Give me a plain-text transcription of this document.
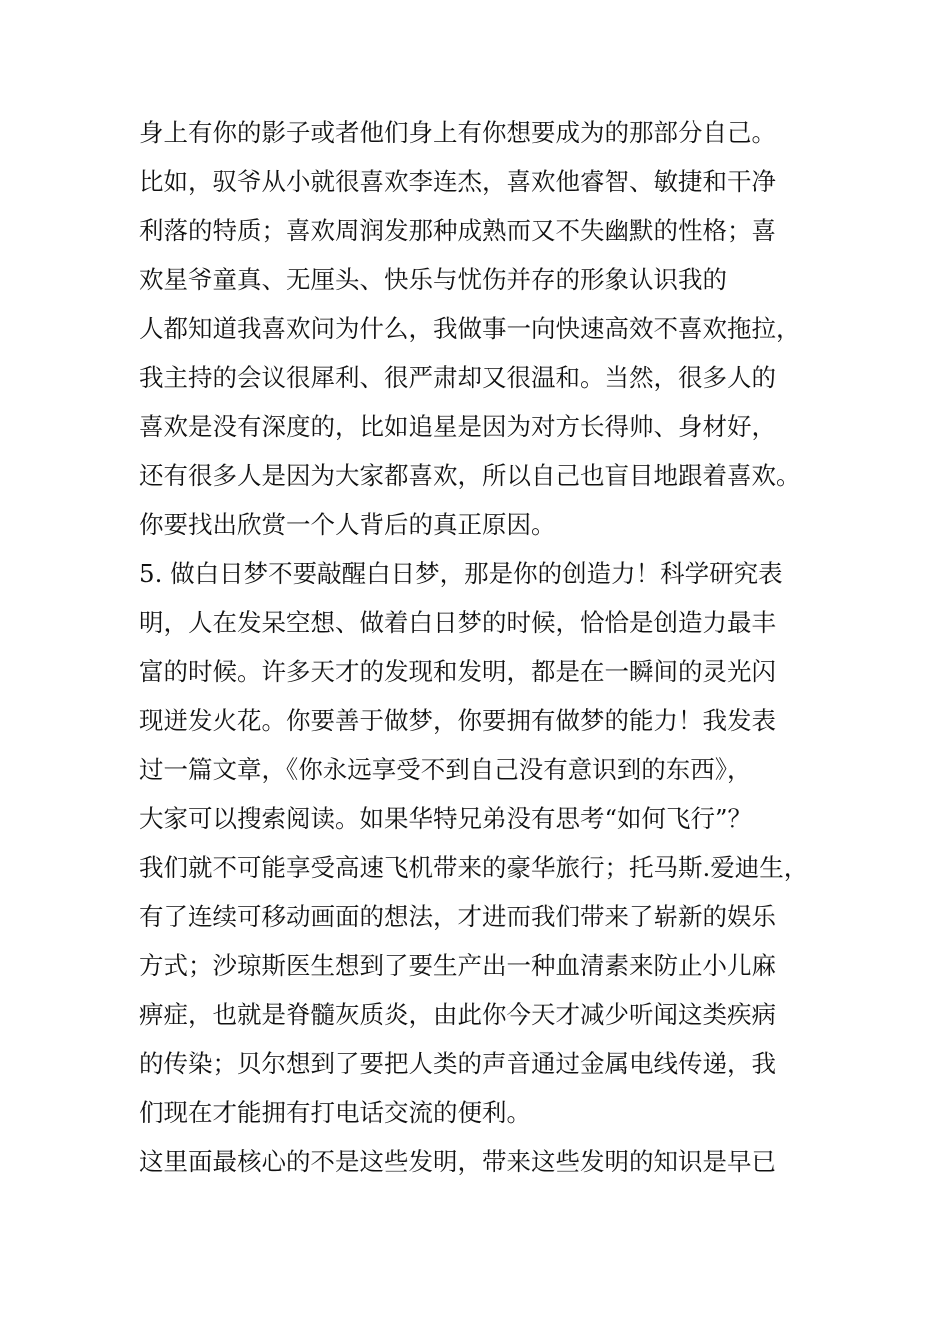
身上有你的影子或者他们身上有你想要成为的那部分自己。
比如，驭爷从小就很喜欢李连杰，喜欢他睿智、敏捷和干净
利落的特质；喜欢周润发那种成熟而又不失幽默的性格；喜
欢星爷童真、无厘头、快乐与忧伤并存的形象认识我的
人都知道我喜欢问为什么，我做事一向快速高效不喜欢拖拉，
我主持的会议很犀利、很严肃却又很温和。当然，很多人的
喜欢是没有深度的，比如追星是因为对方长得帅、身材好，
还有很多人是因为大家都喜欢，所以自己也盲目地跟着喜欢。
你要找出欣赏一个人背后的真正原因。
5. 做白日梦不要敲醒白日梦，那是你的创造力！科学研究表
明，人在发呆空想、做着白日梦的时候，恰恰是创造力最丰
富的时候。许多天才的发现和发明，都是在一瞬间的灵光闪
现迸发火花。你要善于做梦，你要拥有做梦的能力！我发表
过一篇文章，《你永远享受不到自己没有意识到的东西》，
大家可以搜索阅读。如果华特兄弟没有思考“如何飞行”？
我们就不可能享受高速飞机带来的豪华旅行；托马斯.爱迪生，
有了连续可移动画面的想法，才进而我们带来了崭新的娱乐
方式；沙琼斯医生想到了要生产出一种血清素来防止小儿麻
痹症，也就是脊髓灰质炎，由此你今天才减少听闻这类疾病
的传染；贝尔想到了要把人类的声音通过金属电线传递，我
们现在才能拥有打电话交流的便利。
这里面最核心的不是这些发明，带来这些发明的知识是早已
